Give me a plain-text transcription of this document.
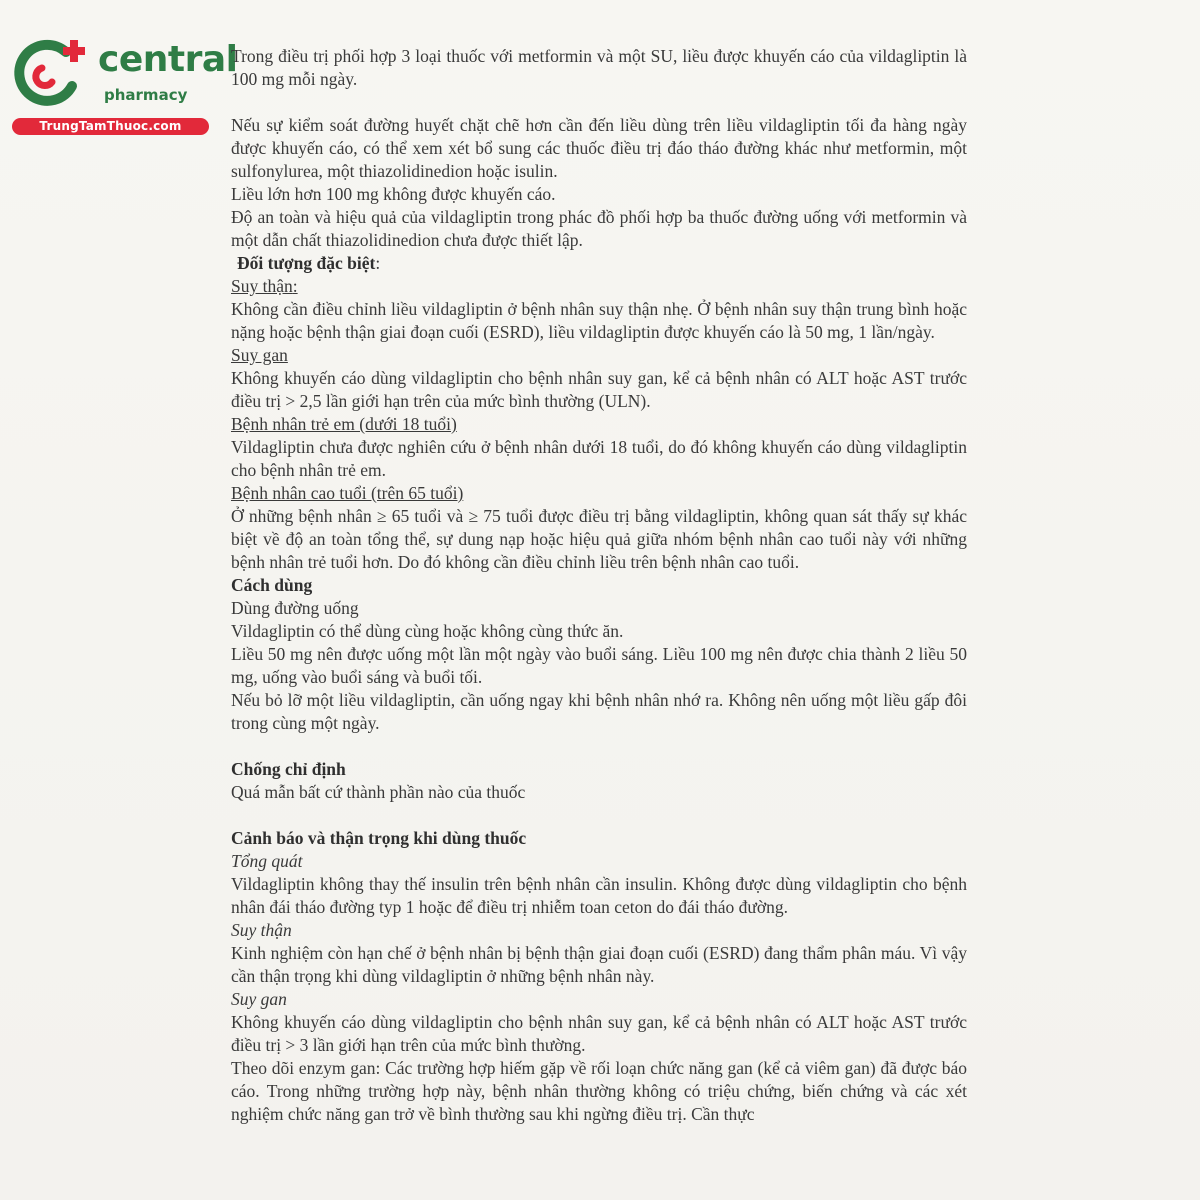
central
pharmacy
TrungTamThuoc.com

Trong điều trị phối hợp 3 loại thuốc với metformin và một SU, liều được khuyến cáo của vildagliptin là 100 mg mỗi ngày.

Nếu sự kiểm soát đường huyết chặt chẽ hơn cần đến liều dùng trên liều vildagliptin tối đa hàng ngày được khuyến cáo, có thể xem xét bổ sung các thuốc điều trị đáo tháo đường khác như metformin, một sulfonylurea, một thiazolidinedion hoặc isulin.

Liều lớn hơn 100 mg không được khuyến cáo.

Độ an toàn và hiệu quả của vildagliptin trong phác đồ phối hợp ba thuốc đường uống với metformin và một dẫn chất thiazolidinedion chưa được thiết lập.

Đối tượng đặc biệt:

Suy thận:

Không cần điều chỉnh liều vildagliptin ở bệnh nhân suy thận nhẹ. Ở bệnh nhân suy thận trung bình hoặc nặng hoặc bệnh thận giai đoạn cuối (ESRD), liều vildagliptin được khuyến cáo là 50 mg, 1 lần/ngày.

Suy gan

Không khuyến cáo dùng vildagliptin cho bệnh nhân suy gan, kể cả bệnh nhân có ALT hoặc AST trước điều trị > 2,5 lần giới hạn trên của mức bình thường (ULN).

Bệnh nhân trẻ em (dưới 18 tuổi)

Vildagliptin chưa được nghiên cứu ở bệnh nhân dưới 18 tuổi, do đó không khuyến cáo dùng vildagliptin cho bệnh nhân trẻ em.

Bệnh nhân cao tuổi (trên 65 tuổi)

Ở những bệnh nhân ≥ 65 tuổi và ≥ 75 tuổi được điều trị bằng vildagliptin, không quan sát thấy sự khác biệt về độ an toàn tổng thể, sự dung nạp hoặc hiệu quả giữa nhóm bệnh nhân cao tuổi này với những bệnh nhân trẻ tuổi hơn. Do đó không cần điều chỉnh liều trên bệnh nhân cao tuổi.

Cách dùng

Dùng đường uống

Vildagliptin có thể dùng cùng hoặc không cùng thức ăn.

Liều 50 mg nên được uống một lần một ngày vào buổi sáng. Liều 100 mg nên được chia thành 2 liều 50 mg, uống vào buổi sáng và buổi tối.

Nếu bỏ lỡ một liều vildagliptin, cần uống ngay khi bệnh nhân nhớ ra. Không nên uống một liều gấp đôi trong cùng một ngày.

Chống chỉ định

Quá mẫn bất cứ thành phần nào của thuốc

Cảnh báo và thận trọng khi dùng thuốc

Tổng quát

Vildagliptin không thay thế insulin trên bệnh nhân cần insulin. Không được dùng vildagliptin cho bệnh nhân đái tháo đường typ 1 hoặc để điều trị nhiễm toan ceton do đái tháo đường.

Suy thận

Kinh nghiệm còn hạn chế ở bệnh nhân bị bệnh thận giai đoạn cuối (ESRD) đang thẩm phân máu. Vì vậy cần thận trọng khi dùng vildagliptin ở những bệnh nhân này.

Suy gan

Không khuyến cáo dùng vildagliptin cho bệnh nhân suy gan, kể cả bệnh nhân có ALT hoặc AST trước điều trị > 3 lần giới hạn trên của mức bình thường.

Theo dõi enzym gan: Các trường hợp hiếm gặp về rối loạn chức năng gan (kể cả viêm gan) đã được báo cáo. Trong những trường hợp này, bệnh nhân thường không có triệu chứng, biến chứng và các xét nghiệm chức năng gan trở về bình thường sau khi ngừng điều trị. Cần thực
